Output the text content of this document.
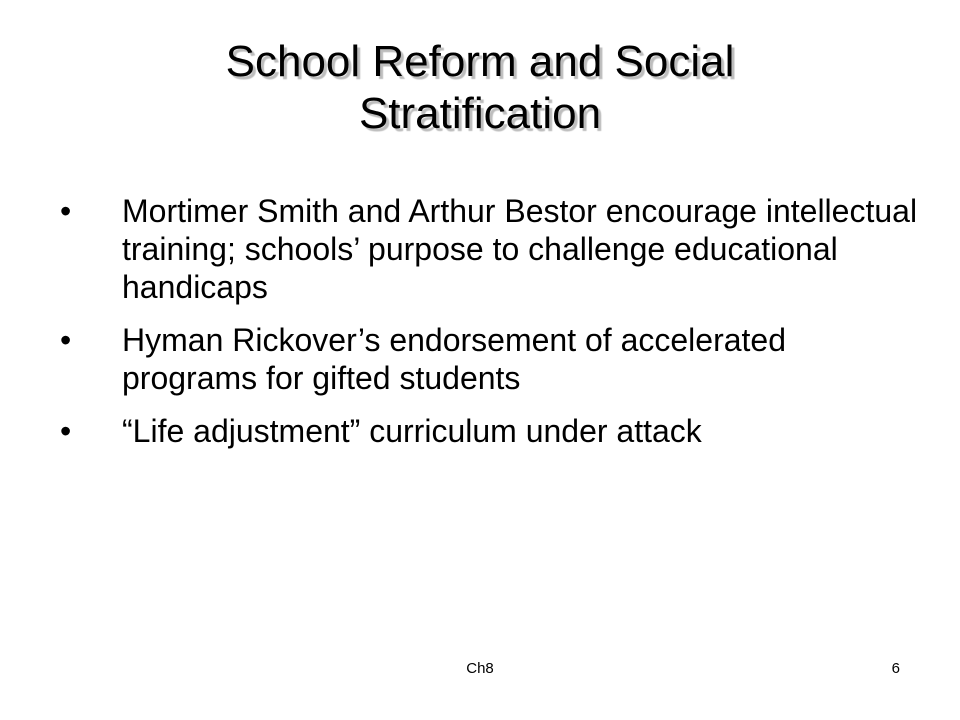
School Reform and Social
Stratification
• Mortimer Smith and Arthur Bestor encourage intellectual training; schools’ purpose to challenge educational handicaps
• Hyman Rickover’s endorsement of accelerated programs for gifted students
• “Life adjustment” curriculum under attack
Ch8	6
